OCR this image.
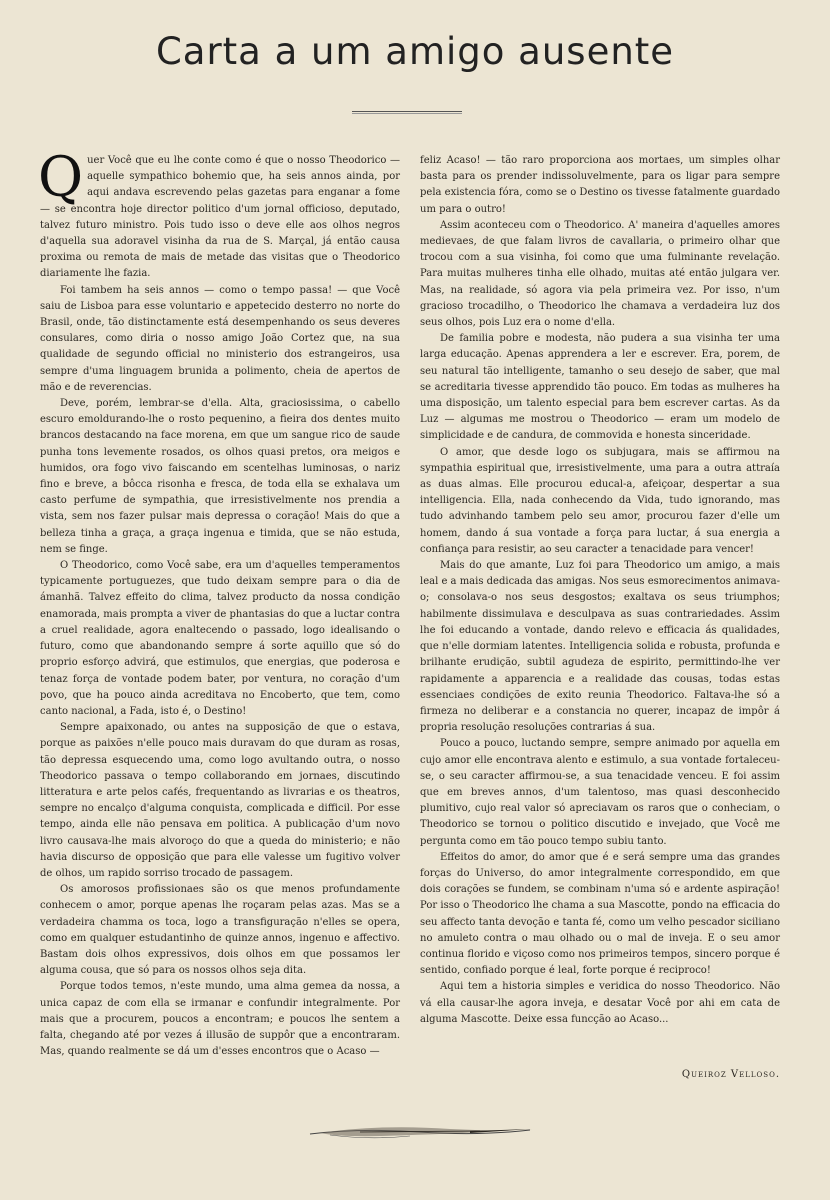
Carta a um amigo ausente

Quer Você que eu lhe conte como é que o nosso Theodorico — aquelle sympathico bohemio que, ha seis annos ainda, por aqui andava escrevendo pelas gazetas para enganar a fome — se encontra hoje director politico d'um jornal officioso, deputado, talvez futuro ministro. Pois tudo isso o deve elle aos olhos negros d'aquella sua adoravel visinha da rua de S. Marçal, já então causa proxima ou remota de mais de metade das visitas que o Theodorico diariamente lhe fazia.

Foi tambem ha seis annos — como o tempo passa! — que Você saiu de Lisboa para esse voluntario e appetecido desterro no norte do Brasil, onde, tão distinctamente está desempenhando os seus deveres consulares, como diria o nosso amigo João Cortez que, na sua qualidade de segundo official no ministerio dos estrangeiros, usa sempre d'uma linguagem brunida a polimento, cheia de apertos de mão e de reverencias.

Deve, porém, lembrar-se d'ella. Alta, graciosissima, o cabello escuro emoldurando-lhe o rosto pequenino, a fieira dos dentes muito brancos destacando na face morena, em que um sangue rico de saude punha tons levemente rosados, os olhos quasi pretos, ora meigos e humidos, ora fogo vivo faiscando em scentelhas luminosas, o nariz fino e breve, a bôcca risonha e fresca, de toda ella se exhalava um casto perfume de sympathia, que irresistivelmente nos prendia a vista, sem nos fazer pulsar mais depressa o coração! Mais do que a belleza tinha a graça, a graça ingenua e timida, que se não estuda, nem se finge.

O Theodorico, como Você sabe, era um d'aquelles temperamentos typicamente portuguezes, que tudo deixam sempre para o dia de ámanhã. Talvez effeito do clima, talvez producto da nossa condição enamorada, mais prompta a viver de phantasias do que a luctar contra a cruel realidade, agora enaltecendo o passado, logo idealisando o futuro, como que abandonando sempre á sorte aquillo que só do proprio esforço advirá, que estimulos, que energias, que poderosa e tenaz força de vontade podem bater, por ventura, no coração d'um povo, que ha pouco ainda acreditava no Encoberto, que tem, como canto nacional, a Fada, isto é, o Destino!

Sempre apaixonado, ou antes na supposição de que o estava, porque as paixões n'elle pouco mais duravam do que duram as rosas, tão depressa esquecendo uma, como logo avultando outra, o nosso Theodorico passava o tempo collaborando em jornaes, discutindo litteratura e arte pelos cafés, frequentando as livrarias e os theatros, sempre no encalço d'alguma conquista, complicada e difficil. Por esse tempo, ainda elle não pensava em politica. A publicação d'um novo livro causava-lhe mais alvoroço do que a queda do ministerio; e não havia discurso de opposição que para elle valesse um fugitivo volver de olhos, um rapido sorriso trocado de passagem.

Os amorosos profissionaes são os que menos profundamente conhecem o amor, porque apenas lhe roçaram pelas azas. Mas se a verdadeira chamma os toca, logo a transfiguração n'elles se opera, como em qualquer estudantinho de quinze annos, ingenuo e affectivo. Bastam dois olhos expressivos, dois olhos em que possamos ler alguma cousa, que só para os nossos olhos seja dita.

Porque todos temos, n'este mundo, uma alma gemea da nossa, a unica capaz de com ella se irmanar e confundir integralmente. Por mais que a procurem, poucos a encontram; e poucos lhe sentem a falta, chegando até por vezes á illusão de suppôr que a encontraram. Mas, quando realmente se dá um d'esses encontros que o Acaso —

feliz Acaso! — tão raro proporciona aos mortaes, um simples olhar basta para os prender indissoluvelmente, para os ligar para sempre pela existencia fóra, como se o Destino os tivesse fatalmente guardado um para o outro!

Assim aconteceu com o Theodorico. A' maneira d'aquelles amores medievaes, de que falam livros de cavallaria, o primeiro olhar que trocou com a sua visinha, foi como que uma fulminante revelação. Para muitas mulheres tinha elle olhado, muitas até então julgara ver. Mas, na realidade, só agora via pela primeira vez. Por isso, n'um gracioso trocadilho, o Theodorico lhe chamava a verdadeira luz dos seus olhos, pois Luz era o nome d'ella.

De familia pobre e modesta, não pudera a sua visinha ter uma larga educação. Apenas apprendera a ler e escrever. Era, porem, de seu natural tão intelligente, tamanho o seu desejo de saber, que mal se acreditaria tivesse apprendido tão pouco. Em todas as mulheres ha uma disposição, um talento especial para bem escrever cartas. As da Luz — algumas me mostrou o Theodorico — eram um modelo de simplicidade e de candura, de commovida e honesta sinceridade.

O amor, que desde logo os subjugara, mais se affirmou na sympathia espiritual que, irresistivelmente, uma para a outra attraía as duas almas. Elle procurou educal-a, afeiçoar, despertar a sua intelligencia. Ella, nada conhecendo da Vida, tudo ignorando, mas tudo advinhando tambem pelo seu amor, procurou fazer d'elle um homem, dando á sua vontade a força para luctar, á sua energia a confiança para resistir, ao seu caracter a tenacidade para vencer!

Mais do que amante, Luz foi para Theodorico um amigo, a mais leal e a mais dedicada das amigas. Nos seus esmorecimentos animava-o; consolava-o nos seus desgostos; exaltava os seus triumphos; habilmente dissimulava e desculpava as suas contrariedades. Assim lhe foi educando a vontade, dando relevo e efficacia ás qualidades, que n'elle dormiam latentes. Intelligencia solida e robusta, profunda e brilhante erudição, subtil agudeza de espirito, permittindo-lhe ver rapidamente a apparencia e a realidade das cousas, todas estas essenciaes condições de exito reunia Theodorico. Faltava-lhe só a firmeza no deliberar e a constancia no querer, incapaz de impôr á propria resolução resoluções contrarias á sua.

Pouco a pouco, luctando sempre, sempre animado por aquella em cujo amor elle encontrava alento e estimulo, a sua vontade fortaleceu-se, o seu caracter affirmou-se, a sua tenacidade venceu. E foi assim que em breves annos, d'um talentoso, mas quasi desconhecido plumitivo, cujo real valor só apreciavam os raros que o conheciam, o Theodorico se tornou o politico discutido e invejado, que Você me pergunta como em tão pouco tempo subiu tanto.

Effeitos do amor, do amor que é e será sempre uma das grandes forças do Universo, do amor integralmente correspondido, em que dois corações se fundem, se combinam n'uma só e ardente aspiração! Por isso o Theodorico lhe chama a sua Mascotte, pondo na efficacia do seu affecto tanta devoção e tanta fé, como um velho pescador siciliano no amuleto contra o mau olhado ou o mal de inveja. E o seu amor continua florido e viçoso como nos primeiros tempos, sincero porque é sentido, confiado porque é leal, forte porque é reciproco!

Aqui tem a historia simples e veridica do nosso Theodorico. Não vá ella causar-lhe agora inveja, e desatar Você por ahi em cata de alguma Mascotte. Deixe essa funcção ao Acaso...

Queiroz Velloso.
